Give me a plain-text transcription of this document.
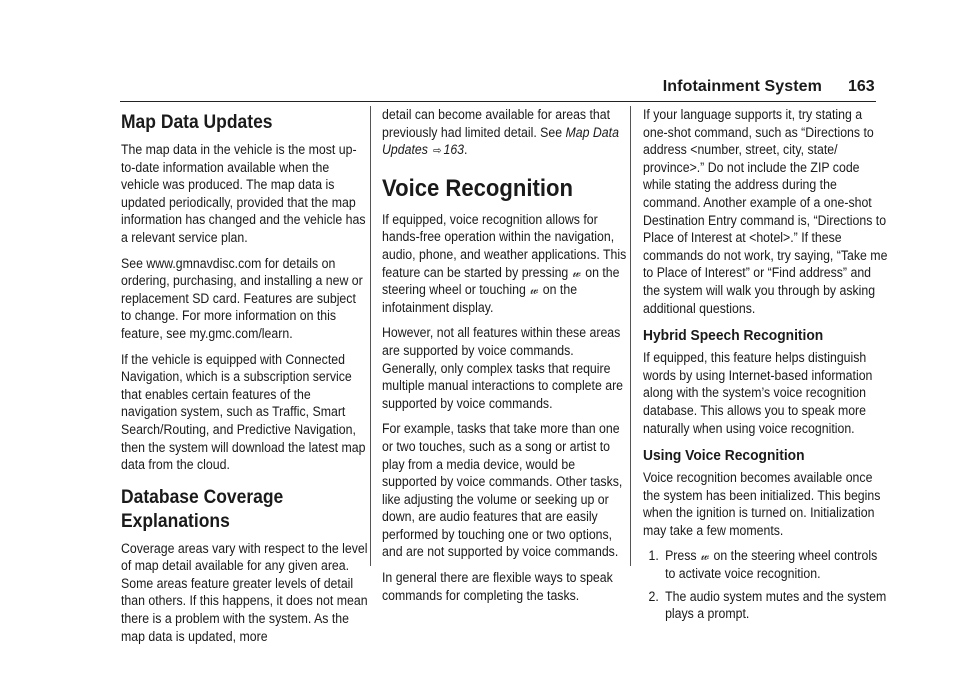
Infotainment System 163
Map Data Updates

The map data in the vehicle is the most up-to-date information available when the vehicle was produced. The map data is updated periodically, provided that the map information has changed and the vehicle has a relevant service plan.

See www.gmnavdisc.com for details on ordering, purchasing, and installing a new or replacement SD card. Features are subject to change. For more information on this feature, see my.gmc.com/learn.

If the vehicle is equipped with Connected Navigation, which is a subscription service that enables certain features of the navigation system, such as Traffic, Smart Search/Routing, and Predictive Navigation, then the system will download the latest map data from the cloud.

Database Coverage Explanations

Coverage areas vary with respect to the level of map detail available for any given area. Some areas feature greater levels of detail than others. If this happens, it does not mean there is a problem with the system. As the map data is updated, more

detail can become available for areas that previously had limited detail. See Map Data Updates ⇨ 163.

Voice Recognition

If equipped, voice recognition allows for hands-free operation within the navigation, audio, phone, and weather applications. This feature can be started by pressing 𝓌 on the steering wheel or touching 𝓌 on the infotainment display.

However, not all features within these areas are supported by voice commands. Generally, only complex tasks that require multiple manual interactions to complete are supported by voice commands.

For example, tasks that take more than one or two touches, such as a song or artist to play from a media device, would be supported by voice commands. Other tasks, like adjusting the volume or seeking up or down, are audio features that are easily performed by touching one or two options, and are not supported by voice commands.

In general there are flexible ways to speak commands for completing the tasks.

If your language supports it, try stating a one-shot command, such as “Directions to address <number, street, city, state/ province>.” Do not include the ZIP code while stating the address during the command. Another example of a one-shot Destination Entry command is, “Directions to Place of Interest at <hotel>.” If these commands do not work, try saying, “Take me to Place of Interest” or “Find address” and the system will walk you through by asking additional questions.

Hybrid Speech Recognition

If equipped, this feature helps distinguish words by using Internet-based information along with the system’s voice recognition database. This allows you to speak more naturally when using voice recognition.

Using Voice Recognition

Voice recognition becomes available once the system has been initialized. This begins when the ignition is turned on. Initialization may take a few moments.

1. Press 𝓌 on the steering wheel controls to activate voice recognition.
2. The audio system mutes and the system plays a prompt.
